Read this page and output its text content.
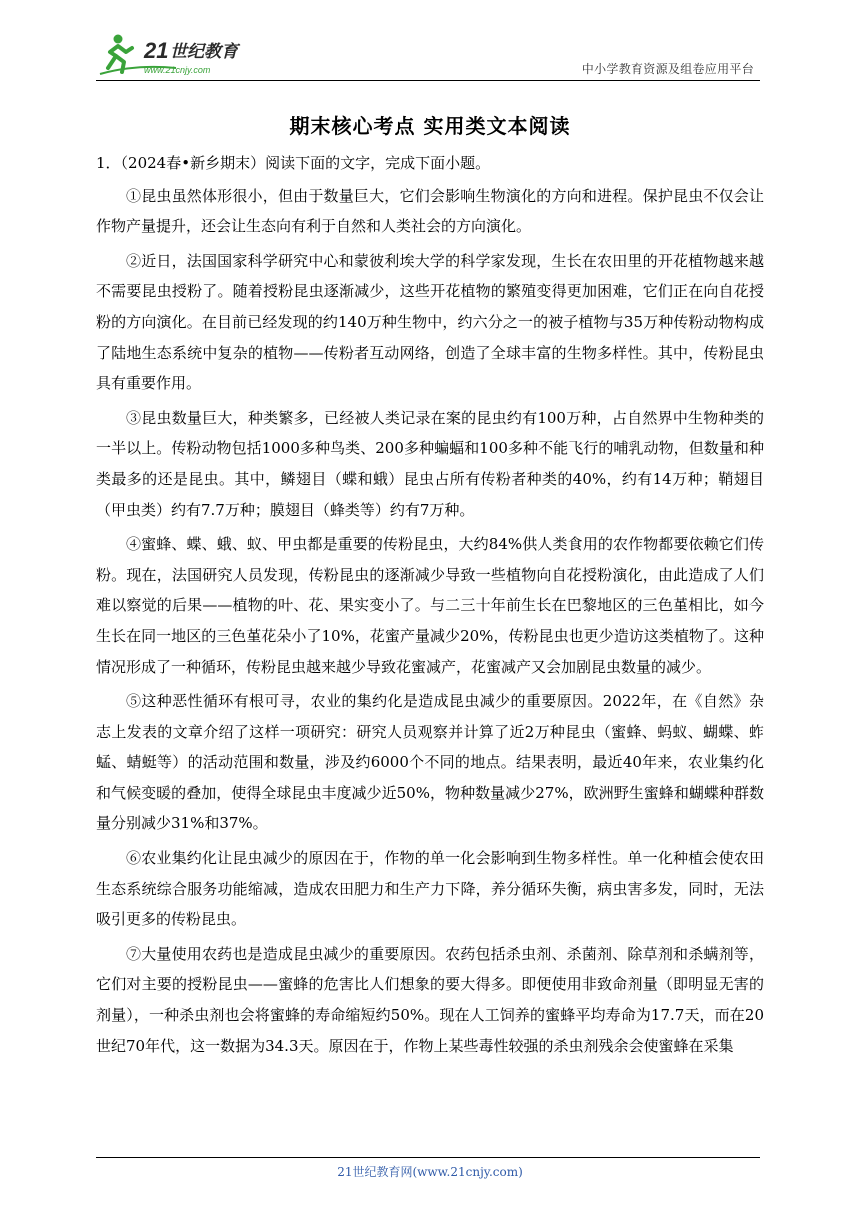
21 世纪教育
www.21cnjy.com	中小学教育资源及组卷应用平台
期末核心考点 实用类文本阅读

1．（2024春•新乡期末）阅读下面的文字，完成下面小题。

①昆虫虽然体形很小，但由于数量巨大，它们会影响生物演化的方向和进程。保护昆虫不仅会让作物产量提升，还会让生态向有利于自然和人类社会的方向演化。

②近日，法国国家科学研究中心和蒙彼利埃大学的科学家发现，生长在农田里的开花植物越来越不需要昆虫授粉了。随着授粉昆虫逐渐减少，这些开花植物的繁殖变得更加困难，它们正在向自花授粉的方向演化。在目前已经发现的约140万种生物中，约六分之一的被子植物与35万种传粉动物构成了陆地生态系统中复杂的植物——传粉者互动网络，创造了全球丰富的生物多样性。其中，传粉昆虫具有重要作用。

③昆虫数量巨大，种类繁多，已经被人类记录在案的昆虫约有100万种，占自然界中生物种类的一半以上。传粉动物包括1000多种鸟类、200多种蝙蝠和100多种不能飞行的哺乳动物，但数量和种类最多的还是昆虫。其中，鳞翅目（蝶和蛾）昆虫占所有传粉者种类的40%，约有14万种；鞘翅目（甲虫类）约有7.7万种；膜翅目（蜂类等）约有7万种。

④蜜蜂、蝶、蛾、蚁、甲虫都是重要的传粉昆虫，大约84%供人类食用的农作物都要依赖它们传粉。现在，法国研究人员发现，传粉昆虫的逐渐减少导致一些植物向自花授粉演化，由此造成了人们难以察觉的后果——植物的叶、花、果实变小了。与二三十年前生长在巴黎地区的三色堇相比，如今生长在同一地区的三色堇花朵小了10%，花蜜产量减少20%，传粉昆虫也更少造访这类植物了。这种情况形成了一种循环，传粉昆虫越来越少导致花蜜减产，花蜜减产又会加剧昆虫数量的减少。

⑤这种恶性循环有根可寻，农业的集约化是造成昆虫减少的重要原因。2022年，在《自然》杂志上发表的文章介绍了这样一项研究：研究人员观察并计算了近2万种昆虫（蜜蜂、蚂蚁、蝴蝶、蚱蜢、蜻蜓等）的活动范围和数量，涉及约6000个不同的地点。结果表明，最近40年来，农业集约化和气候变暖的叠加，使得全球昆虫丰度减少近50%，物种数量减少27%，欧洲野生蜜蜂和蝴蝶种群数量分别减少31%和37%。

⑥农业集约化让昆虫减少的原因在于，作物的单一化会影响到生物多样性。单一化种植会使农田生态系统综合服务功能缩减，造成农田肥力和生产力下降，养分循环失衡，病虫害多发，同时，无法吸引更多的传粉昆虫。

⑦大量使用农药也是造成昆虫减少的重要原因。农药包括杀虫剂、杀菌剂、除草剂和杀螨剂等，它们对主要的授粉昆虫——蜜蜂的危害比人们想象的要大得多。即便使用非致命剂量（即明显无害的剂量），一种杀虫剂也会将蜜蜂的寿命缩短约50%。现在人工饲养的蜜蜂平均寿命为17.7天，而在20世纪70年代，这一数据为34.3天。原因在于，作物上某些毒性较强的杀虫剂残余会使蜜蜂在采集

21世纪教育网(www.21cnjy.com)
